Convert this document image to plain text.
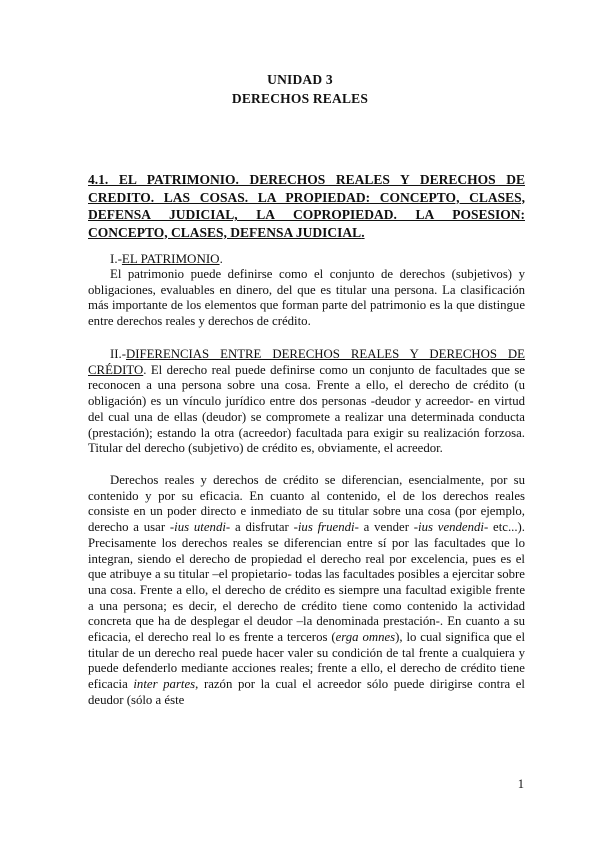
UNIDAD 3
DERECHOS REALES
4.1. EL PATRIMONIO. DERECHOS REALES Y DERECHOS DE CREDITO. LAS COSAS. LA PROPIEDAD: CONCEPTO, CLASES, DEFENSA JUDICIAL, LA COPROPIEDAD. LA POSESION: CONCEPTO, CLASES, DEFENSA JUDICIAL.
I.-EL PATRIMONIO.

El patrimonio puede definirse como el conjunto de derechos (subjetivos) y obligaciones, evaluables en dinero, del que es titular una persona. La clasificación más importante de los elementos que forman parte del patrimonio es la que distingue entre derechos reales y derechos de crédito.

II.-DIFERENCIAS ENTRE DERECHOS REALES Y DERECHOS DE CRÉDITO. El derecho real puede definirse como un conjunto de facultades que se reconocen a una persona sobre una cosa. Frente a ello, el derecho de crédito (u obligación) es un vínculo jurídico entre dos personas -deudor y acreedor- en virtud del cual una de ellas (deudor) se compromete a realizar una determinada conducta (prestación); estando la otra (acreedor) facultada para exigir su realización forzosa. Titular del derecho (subjetivo) de crédito es, obviamente, el acreedor.
Derechos reales y derechos de crédito se diferencian, esencialmente, por su contenido y por su eficacia. En cuanto al contenido, el de los derechos reales consiste en un poder directo e inmediato de su titular sobre una cosa (por ejemplo, derecho a usar -ius utendi- a disfrutar -ius fruendi- a vender -ius vendendi- etc...). Precisamente los derechos reales se diferencian entre sí por las facultades que lo integran, siendo el derecho de propiedad el derecho real por excelencia, pues es el que atribuye a su titular –el propietario- todas las facultades posibles a ejercitar sobre una cosa. Frente a ello, el derecho de crédito es siempre una facultad exigible frente a una persona; es decir, el derecho de crédito tiene como contenido la actividad concreta que ha de desplegar el deudor –la denominada prestación-. En cuanto a su eficacia, el derecho real lo es frente a terceros (erga omnes), lo cual significa que el titular de un derecho real puede hacer valer su condición de tal frente a cualquiera y puede defenderlo mediante acciones reales; frente a ello, el derecho de crédito tiene eficacia inter partes, razón por la cual el acreedor sólo puede dirigirse contra el deudor (sólo a éste
1
